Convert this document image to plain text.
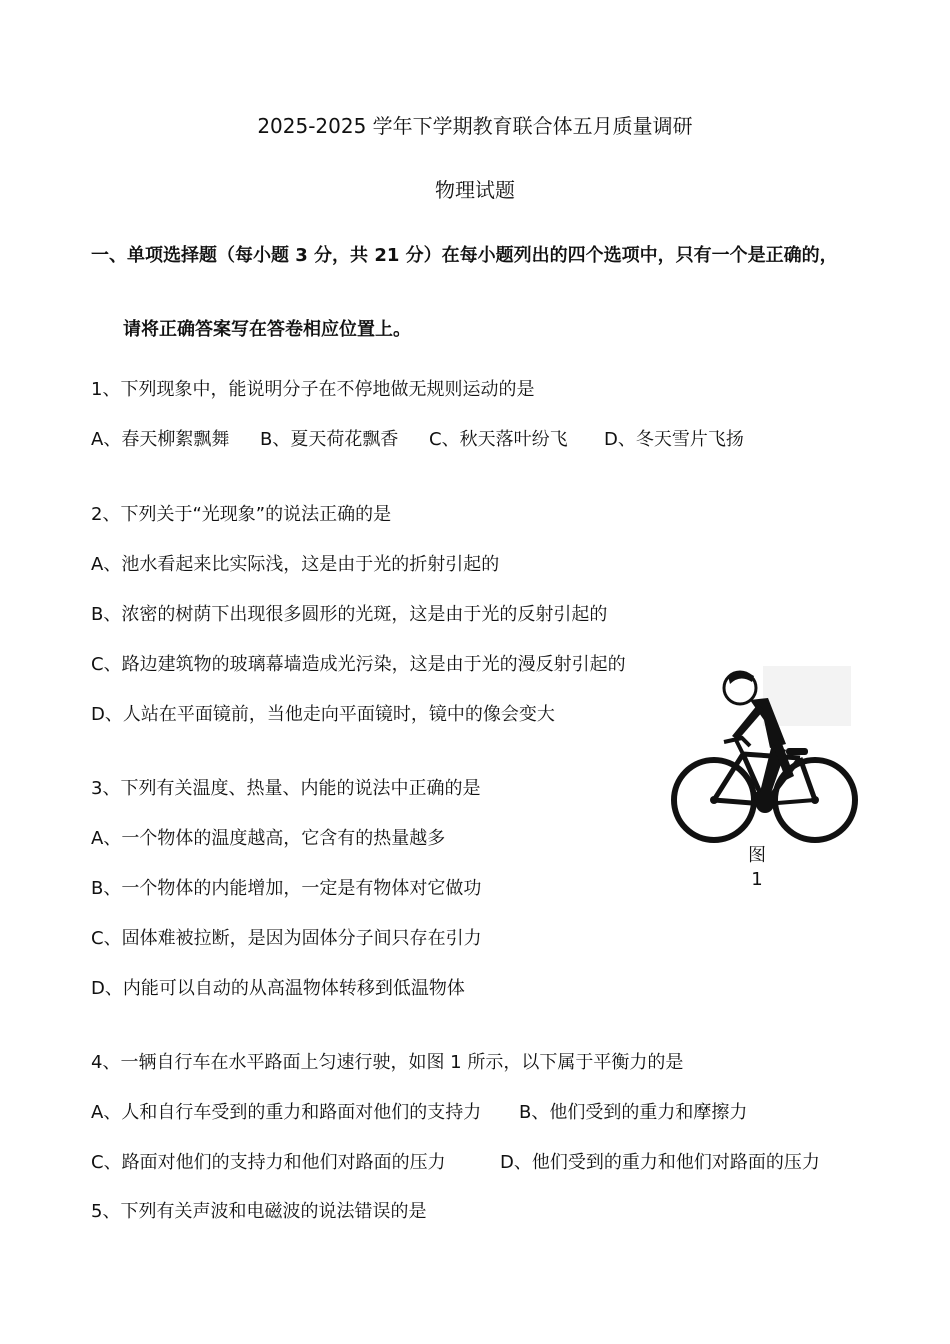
2025-2025 学年下学期教育联合体五月质量调研
物理试题
一、单项选择题（每小题 3 分，共 21 分）在每小题列出的四个选项中，只有一个是正确的，
请将正确答案写在答卷相应位置上。
1、下列现象中，能说明分子在不停地做无规则运动的是
A、春天柳絮飘舞 B、夏天荷花飘香 C、秋天落叶纷飞 D、冬天雪片飞扬
2、下列关于“光现象”的说法正确的是
A、池水看起来比实际浅，这是由于光的折射引起的
B、浓密的树荫下出现很多圆形的光斑，这是由于光的反射引起的
C、路边建筑物的玻璃幕墙造成光污染，这是由于光的漫反射引起的
D、人站在平面镜前，当他走向平面镜时，镜中的像会变大
3、下列有关温度、热量、内能的说法中正确的是
A、一个物体的温度越高，它含有的热量越多
B、一个物体的内能增加，一定是有物体对它做功
C、固体难被拉断，是因为固体分子间只存在引力
D、内能可以自动的从高温物体转移到低温物体
4、一辆自行车在水平路面上匀速行驶，如图 1 所示，以下属于平衡力的是
A、人和自行车受到的重力和路面对他们的支持力 B、他们受到的重力和摩擦力
C、路面对他们的支持力和他们对路面的压力	D、他们受到的重力和他们对路面的压力
5、下列有关声波和电磁波的说法错误的是
图
1
